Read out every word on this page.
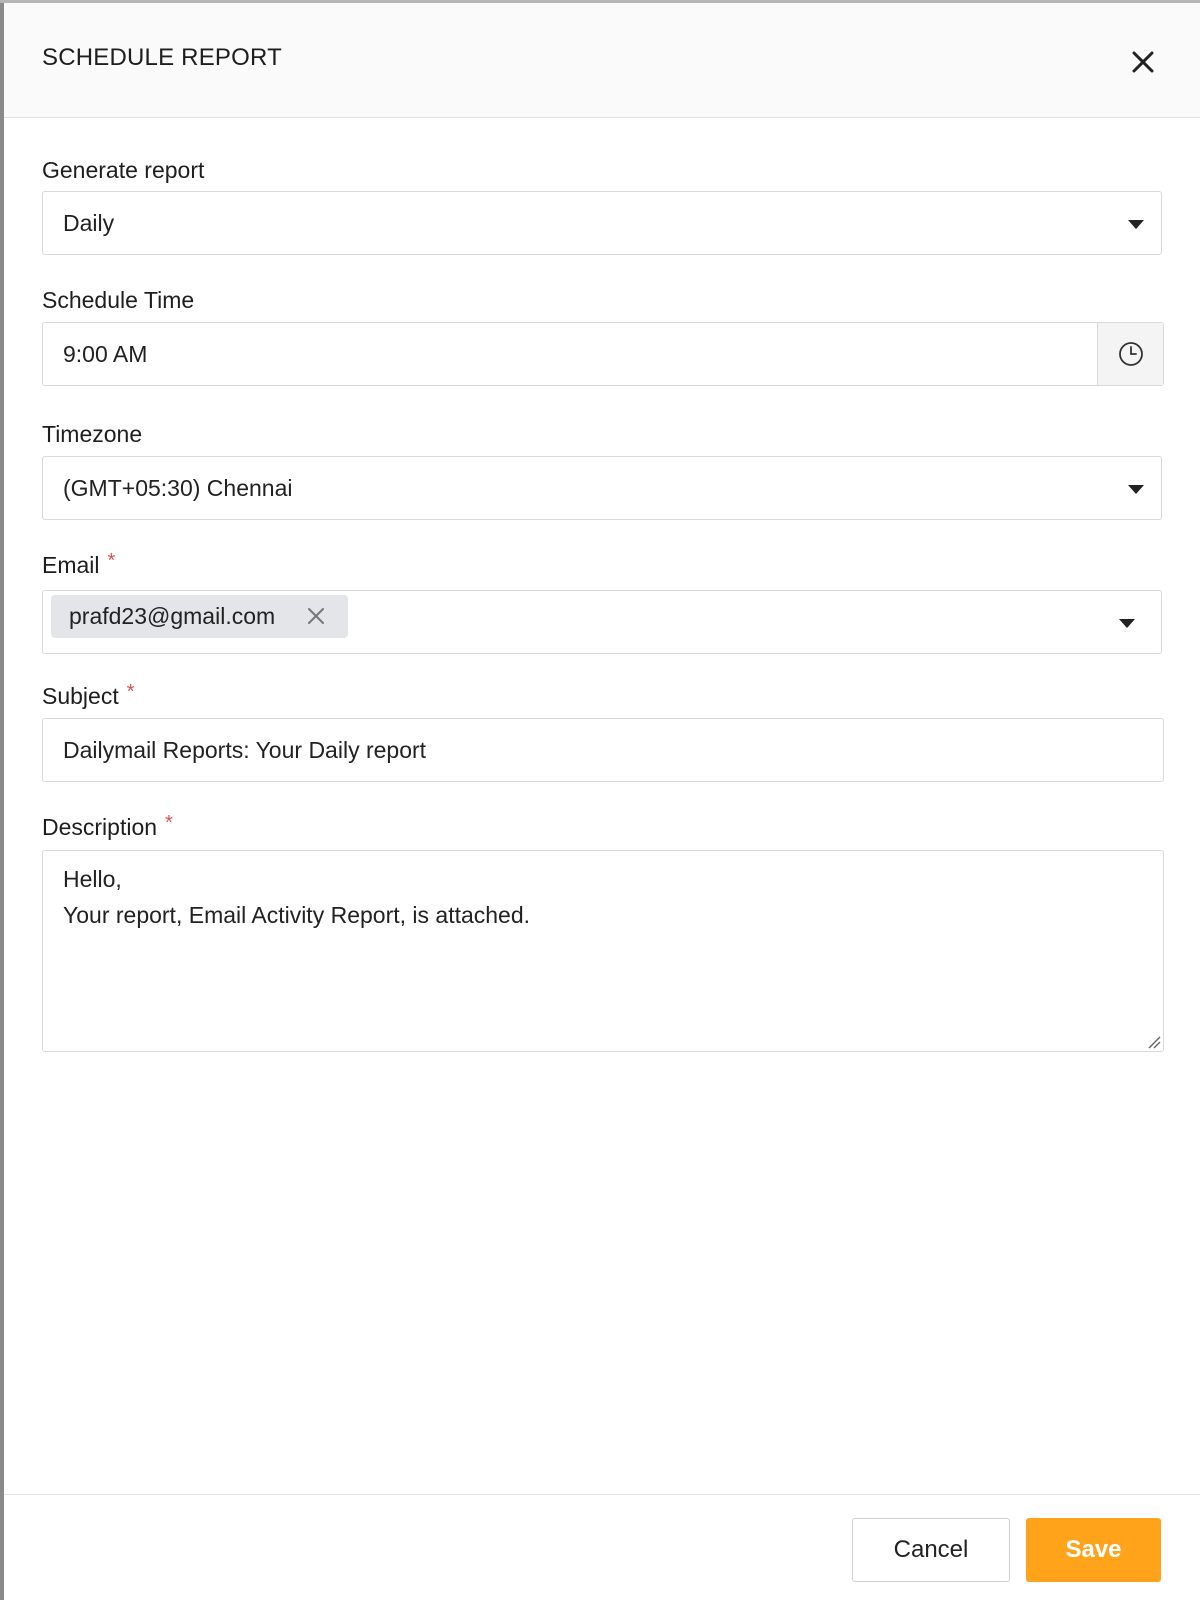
SCHEDULE REPORT
Generate report
Daily
Schedule Time
9:00 AM
Timezone
(GMT+05:30) Chennai
Email *
prafd23@gmail.com
Subject *
Dailymail Reports: Your Daily report
Description *
Hello,
Your report, Email Activity Report, is attached.
Cancel	Save
